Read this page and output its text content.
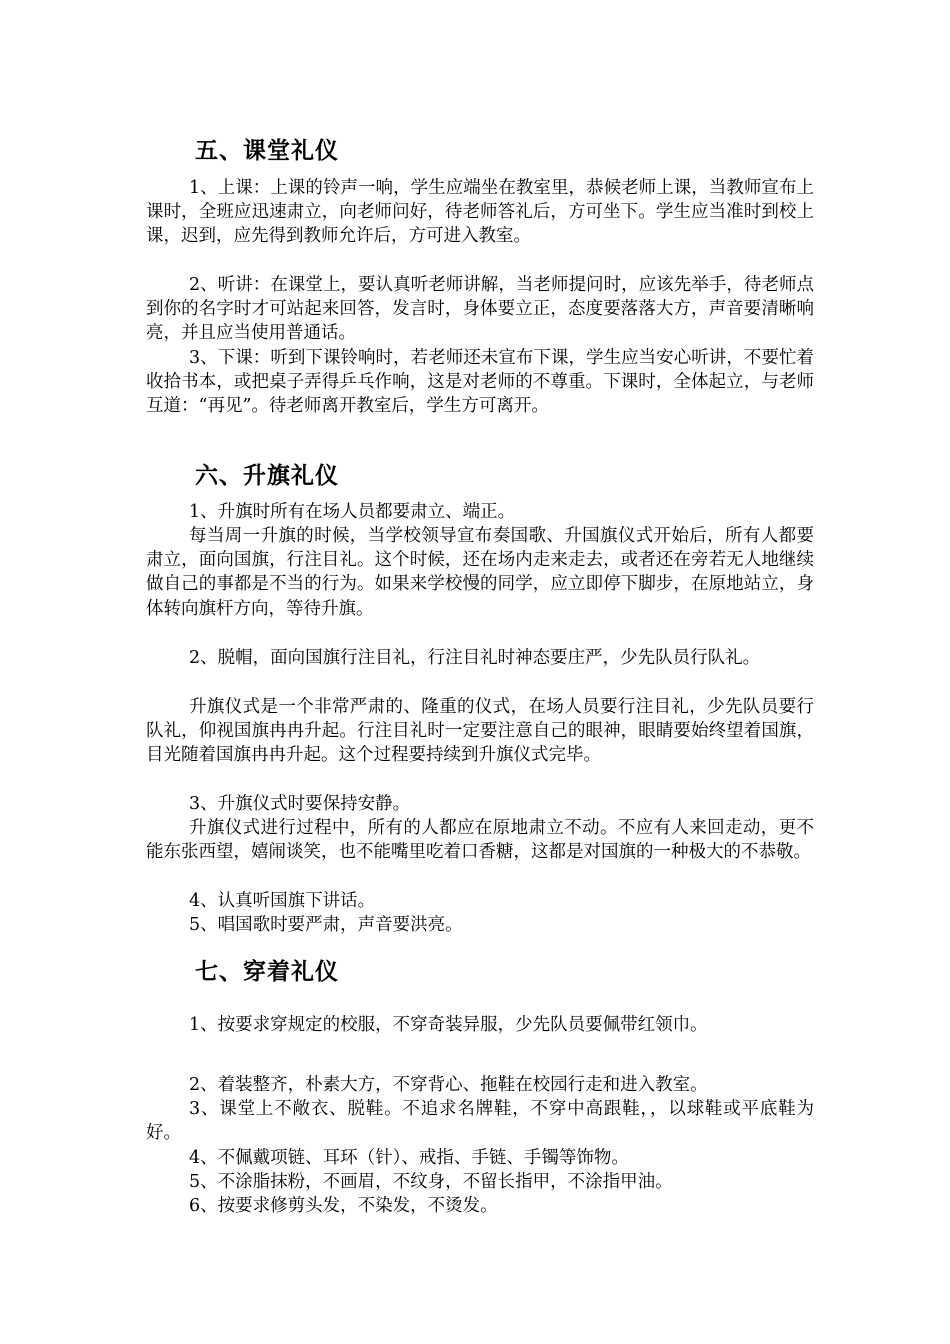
五、课堂礼仪

1、上课：上课的铃声一响，学生应端坐在教室里，恭候老师上课，当教师宣布上课时，全班应迅速肃立，向老师问好，待老师答礼后，方可坐下。学生应当准时到校上课，迟到，应先得到教师允许后，方可进入教室。

2、听讲：在课堂上，要认真听老师讲解，当老师提问时，应该先举手，待老师点到你的名字时才可站起来回答，发言时，身体要立正，态度要落落大方，声音要清晰响亮，并且应当使用普通话。

3、下课：听到下课铃响时，若老师还未宣布下课，学生应当安心听讲，不要忙着收拾书本，或把桌子弄得乒乓作响，这是对老师的不尊重。下课时，全体起立，与老师互道：“再见”。待老师离开教室后，学生方可离开。

六、升旗礼仪

1、升旗时所有在场人员都要肃立、端正。

每当周一升旗的时候，当学校领导宣布奏国歌、升国旗仪式开始后，所有人都要肃立，面向国旗，行注目礼。这个时候，还在场内走来走去，或者还在旁若无人地继续做自己的事都是不当的行为。如果来学校慢的同学，应立即停下脚步，在原地站立，身体转向旗杆方向，等待升旗。

2、脱帽，面向国旗行注目礼，行注目礼时神态要庄严，少先队员行队礼。

升旗仪式是一个非常严肃的、隆重的仪式，在场人员要行注目礼，少先队员要行队礼，仰视国旗冉冉升起。行注目礼时一定要注意自己的眼神，眼睛要始终望着国旗，目光随着国旗冉冉升起。这个过程要持续到升旗仪式完毕。

3、升旗仪式时要保持安静。

升旗仪式进行过程中，所有的人都应在原地肃立不动。不应有人来回走动，更不能东张西望，嬉闹谈笑，也不能嘴里吃着口香糖，这都是对国旗的一种极大的不恭敬。

4、认真听国旗下讲话。

5、唱国歌时要严肃，声音要洪亮。

七、穿着礼仪

1、按要求穿规定的校服，不穿奇装异服，少先队员要佩带红领巾。

2、着装整齐，朴素大方，不穿背心、拖鞋在校园行走和进入教室。

3、课堂上不敞衣、脱鞋。不追求名牌鞋，不穿中高跟鞋，，以球鞋或平底鞋为好。

4、不佩戴项链、耳环（针）、戒指、手链、手镯等饰物。

5、不涂脂抹粉，不画眉，不纹身，不留长指甲，不涂指甲油。

6、按要求修剪头发，不染发，不烫发。
